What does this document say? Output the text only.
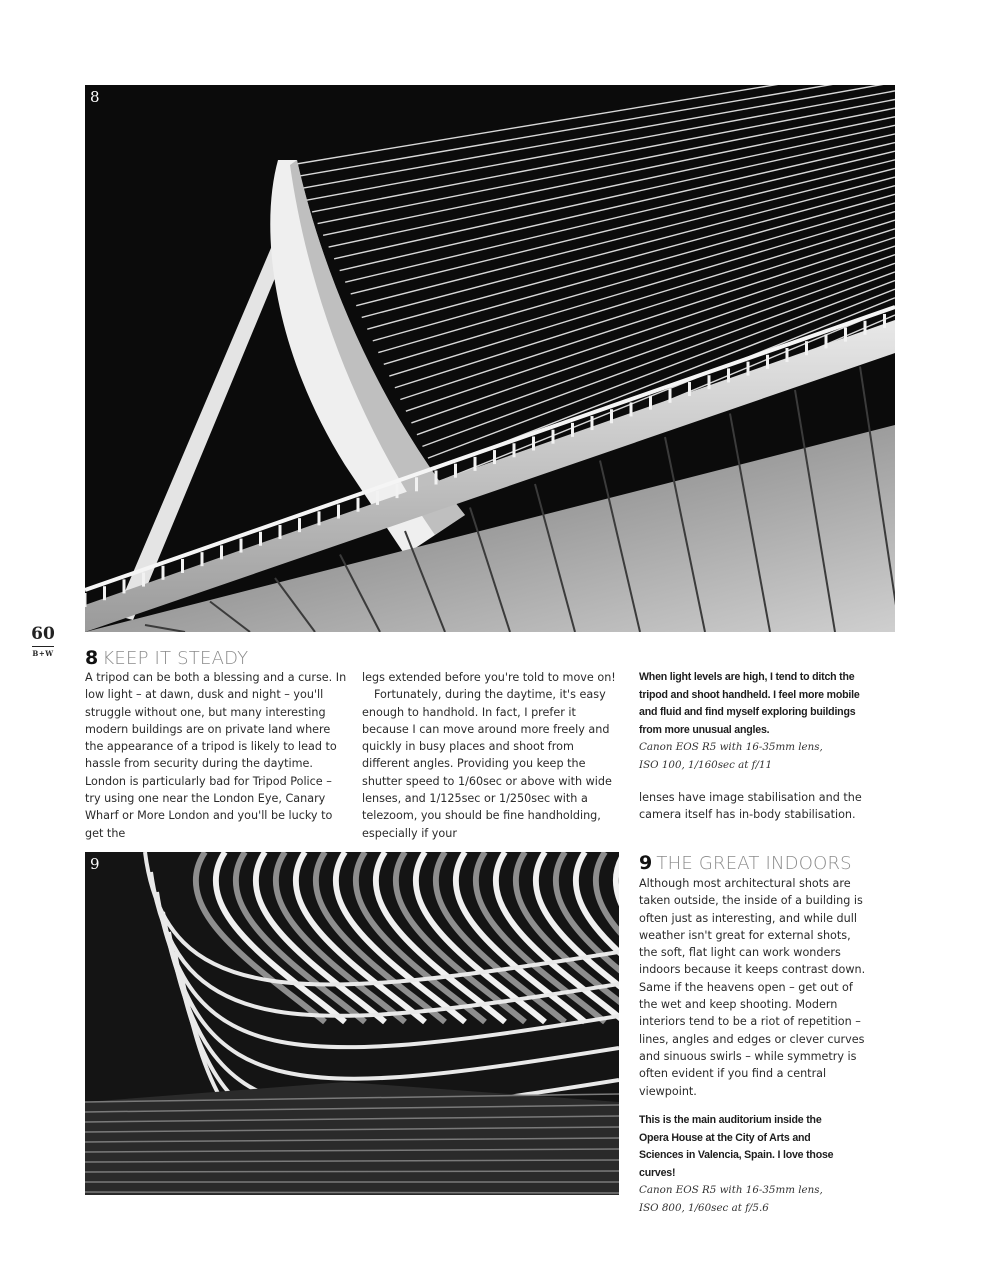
8
60
B+W 8 KEEP IT STEADY

A tripod can be both a blessing and a curse. In low light – at dawn, dusk and night – you'll struggle without one, but many interesting modern buildings are on private land where the appearance of a tripod is likely to lead to hassle from security during the daytime. London is particularly bad for Tripod Police – try using one near the London Eye, Canary Wharf or More London and you'll be lucky to get the

legs extended before you're told to move on!

Fortunately, during the daytime, it's easy enough to handhold. In fact, I prefer it because I can move around more freely and quickly in busy places and shoot from different angles. Providing you keep the shutter speed to 1/60sec or above with wide lenses, and 1/125sec or 1/250sec with a telezoom, you should be fine handholding, especially if your

When light levels are high, I tend to ditch the tripod and shoot handheld. I feel more mobile and fluid and find myself exploring buildings from more unusual angles.

Canon EOS R5 with 16-35mm lens,

ISO 100, 1/160sec at f/11

lenses have image stabilisation and the camera itself has in-body stabilisation.

9	9 THE GREAT INDOORS

Although most architectural shots are taken outside, the inside of a building is often just as interesting, and while dull weather isn't great for external shots, the soft, flat light can work wonders indoors because it keeps contrast down. Same if the heavens open – get out of the wet and keep shooting. Modern interiors tend to be a riot of repetition – lines, angles and edges or clever curves and sinuous swirls – while symmetry is often evident if you find a central viewpoint.

This is the main auditorium inside the Opera House at the City of Arts and Sciences in Valencia, Spain. I love those curves!

Canon EOS R5 with 16-35mm lens,

ISO 800, 1/60sec at f/5.6
